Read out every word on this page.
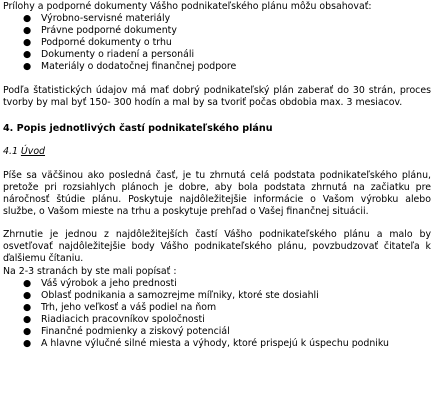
Prílohy a podporné dokumenty Vášho podnikateľského plánu môžu obsahovať:

● Výrobno-servisné materiály
● Právne podporné dokumenty
● Podporné dokumenty o trhu
● Dokumenty o riadení a personáli
● Materiály o dodatočnej finančnej podpore

Podľa štatistických údajov má mať dobrý podnikateľský plán zaberať do 30 strán, proces tvorby by mal byť 150- 300 hodín a mal by sa tvoriť počas obdobia max. 3 mesiacov.

4. Popis jednotlivých častí podnikateľského plánu

4.1 Úvod

Píše sa väčšinou ako posledná časť, je tu zhrnutá celá podstata podnikateľského plánu, pretože pri rozsiahlych plánoch je dobre, aby bola podstata zhrnutá na začiatku pre náročnosť štúdie plánu. Poskytuje najdôležitejšie informácie o Vašom výrobku alebo službe, o Vašom mieste na trhu a poskytuje prehľad o Vašej finančnej situácii.

Zhrnutie je jednou z najdôležitejších častí Vášho podnikateľského plánu a malo by osvetľovať najdôležitejšie body Vášho podnikateľského plánu, povzbudzovať čitateľa k ďalšiemu čítaniu.

Na 2-3 stranách by ste mali popísať :

● Váš výrobok a jeho prednosti
● Oblasť podnikania a samozrejme míľniky, ktoré ste dosiahli
● Trh, jeho veľkosť a váš podiel na ňom
● Riadiacich pracovníkov spoločnosti
● Finančné podmienky a ziskový potenciál
● A hlavne výlučné silné miesta a výhody, ktoré prispejú k úspechu podniku
